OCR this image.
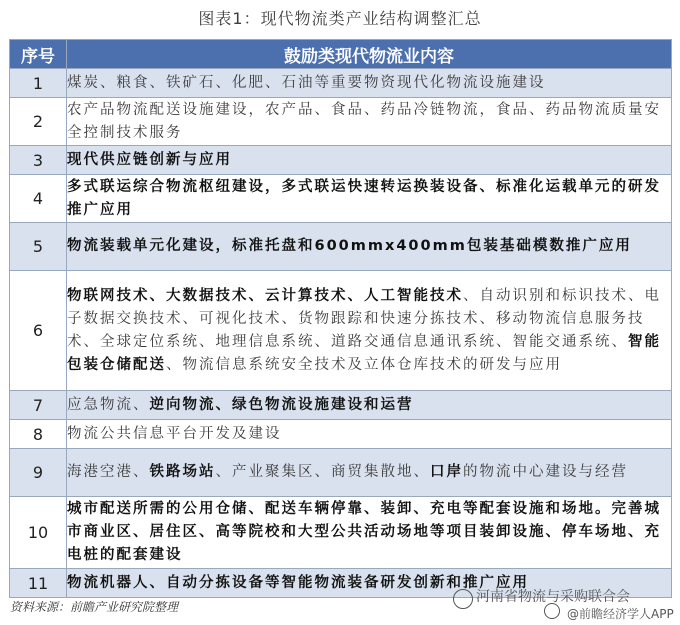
图表1：现代物流类产业结构调整汇总
序号	鼓励类现代物流业内容
1	煤炭、粮食、铁矿石、化肥、石油等重要物资现代化物流设施建设
2	农产品物流配送设施建设，农产品、食品、药品冷链物流，食品、药品物流质量安全控制技术服务
3	现代供应链创新与应用
4	多式联运综合物流枢纽建设，多式联运快速转运换装设备、标准化运载单元的研发推广应用
5	物流装载单元化建设，标准托盘和600mmx400mm包装基础模数推广应用
6	物联网技术、大数据技术、云计算技术、人工智能技术、自动识别和标识技术、电子数据交换技术、可视化技术、货物跟踪和快速分拣技术、移动物流信息服务技术、全球定位系统、地理信息系统、道路交通信息通讯系统、智能交通系统、智能包装仓储配送、物流信息系统安全技术及立体仓库技术的研发与应用
7	应急物流、逆向物流、绿色物流设施建设和运营
8	物流公共信息平台开发及建设
9	海港空港、铁路场站、产业聚集区、商贸集散地、口岸的物流中心建设与经营
10	城市配送所需的公用仓储、配送车辆停靠、装卸、充电等配套设施和场地。完善城市商业区、居住区、高等院校和大型公共活动场地等项目装卸设施、停车场地、充电桩的配套建设
11	物流机器人、自动分拣设备等智能物流装备研发创新和推广应用
资料来源：前瞻产业研究院整理
河南省物流与采购联合会
@前瞻经济学人APP
